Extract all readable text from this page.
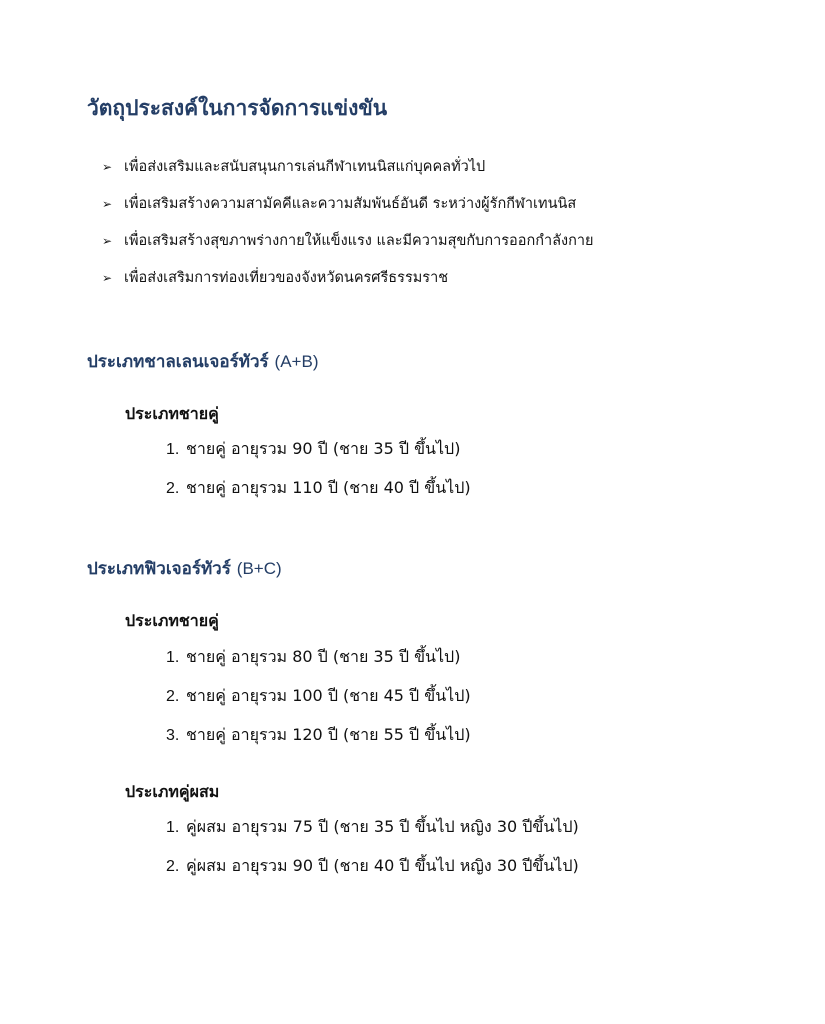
วัตถุประสงค์ในการจัดการแข่งขัน
➢ เพื่อส่งเสริมและสนับสนุนการเล่นกีฬาเทนนิสแก่บุคคลทั่วไป
➢ เพื่อเสริมสร้างความสามัคคีและความสัมพันธ์อันดี ระหว่างผู้รักกีฬาเทนนิส
➢ เพื่อเสริมสร้างสุขภาพร่างกายให้แข็งแรง และมีความสุขกับการออกกำลังกาย
➢ เพื่อส่งเสริมการท่องเที่ยวของจังหวัดนครศรีธรรมราช
ประเภทชาลเลนเจอร์ทัวร์ (A+B)
ประเภทชายคู่
1. ชายคู่ อายุรวม 90 ปี (ชาย 35 ปี ขึ้นไป)
2. ชายคู่ อายุรวม 110 ปี (ชาย 40 ปี ขึ้นไป)
ประเภทฟิวเจอร์ทัวร์ (B+C)
ประเภทชายคู่
1. ชายคู่ อายุรวม 80 ปี (ชาย 35 ปี ขึ้นไป)
2. ชายคู่ อายุรวม 100 ปี (ชาย 45 ปี ขึ้นไป)
3. ชายคู่ อายุรวม 120 ปี (ชาย 55 ปี ขึ้นไป)
ประเภทคู่ผสม
1. คู่ผสม อายุรวม 75 ปี (ชาย 35 ปี ขึ้นไป หญิง 30 ปีขึ้นไป)
2. คู่ผสม อายุรวม 90 ปี (ชาย 40 ปี ขึ้นไป หญิง 30 ปีขึ้นไป)
